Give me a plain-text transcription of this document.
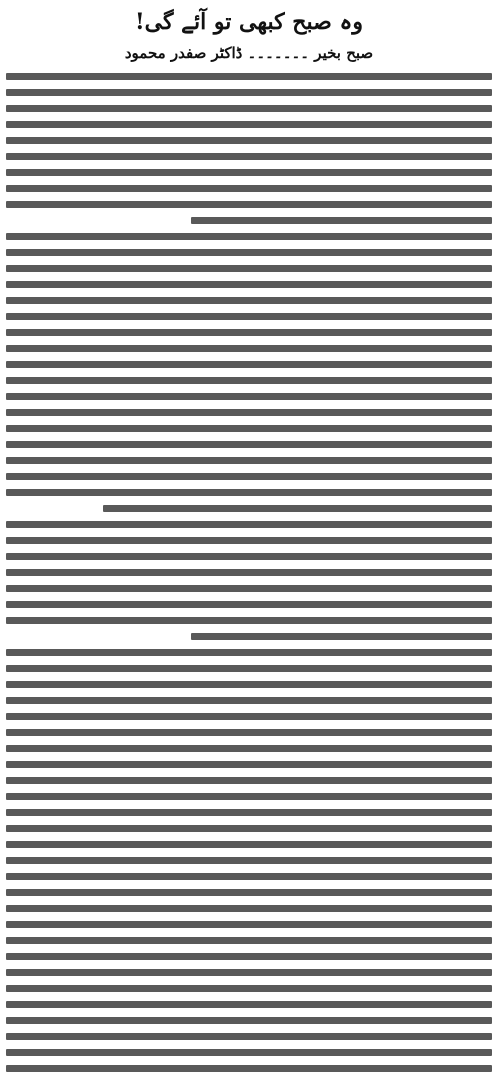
وہ صبح کبھی تو آئے گی!
صبح بخیر ۔۔۔۔۔۔۔ ڈاکٹر صفدر محمود
